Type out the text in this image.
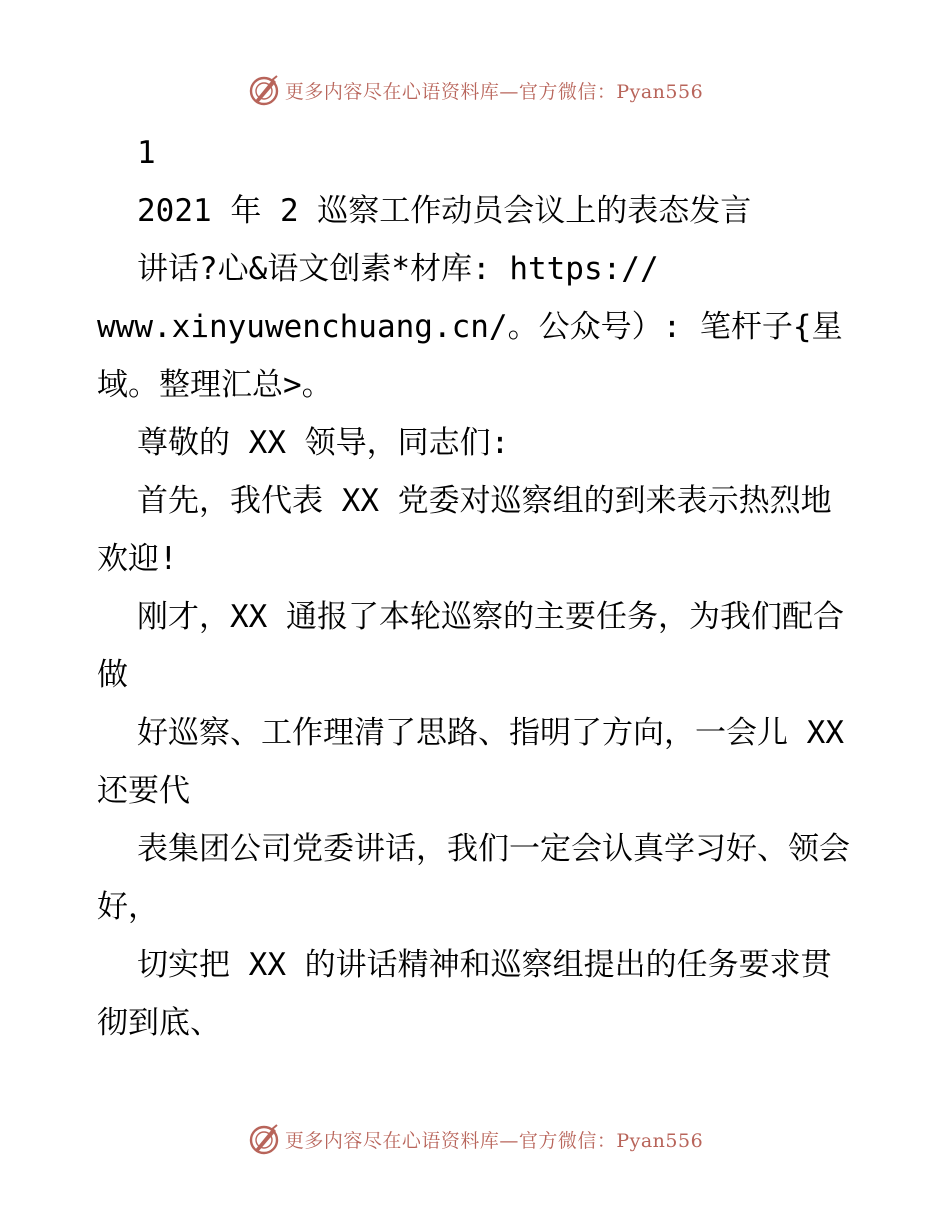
更多内容尽在心语资料库—官方微信：Pyan556

1

2021 年 2 巡察工作动员会议上的表态发言

讲话?心&语文创素*材库: https://

www.xinyuwenchuang.cn/。公众号）: 笔杆子{星域。整理汇总>。

尊敬的 XX 领导，同志们:

首先，我代表 XX 党委对巡察组的到来表示热烈地欢迎!

刚才，XX 通报了本轮巡察的主要任务，为我们配合做

好巡察、工作理清了思路、指明了方向，一会儿 XX 还要代

表集团公司党委讲话，我们一定会认真学习好、领会好，

切实把 XX 的讲话精神和巡察组提出的任务要求贯彻到底、

更多内容尽在心语资料库—官方微信：Pyan556
